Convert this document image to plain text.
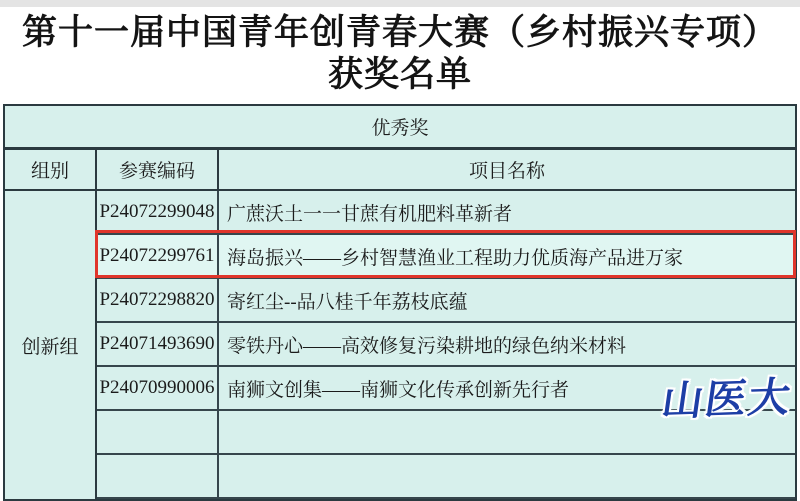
第十一届中国青年创青春大赛（乡村振兴专项）
获奖名单
优秀奖
组别	参赛编码	项目名称
创新组
P24072299048 广蔗沃土一一甘蔗有机肥料革新者
P24072299761 海岛振兴——乡村智慧渔业工程助力优质海产品进万家
P24072298820 寄红尘--品八桂千年荔枝底蕴
P24071493690 零铁丹心——高效修复污染耕地的绿色纳米材料
P24070990006 南狮文创集——南狮文化传承创新先行者 山医大
